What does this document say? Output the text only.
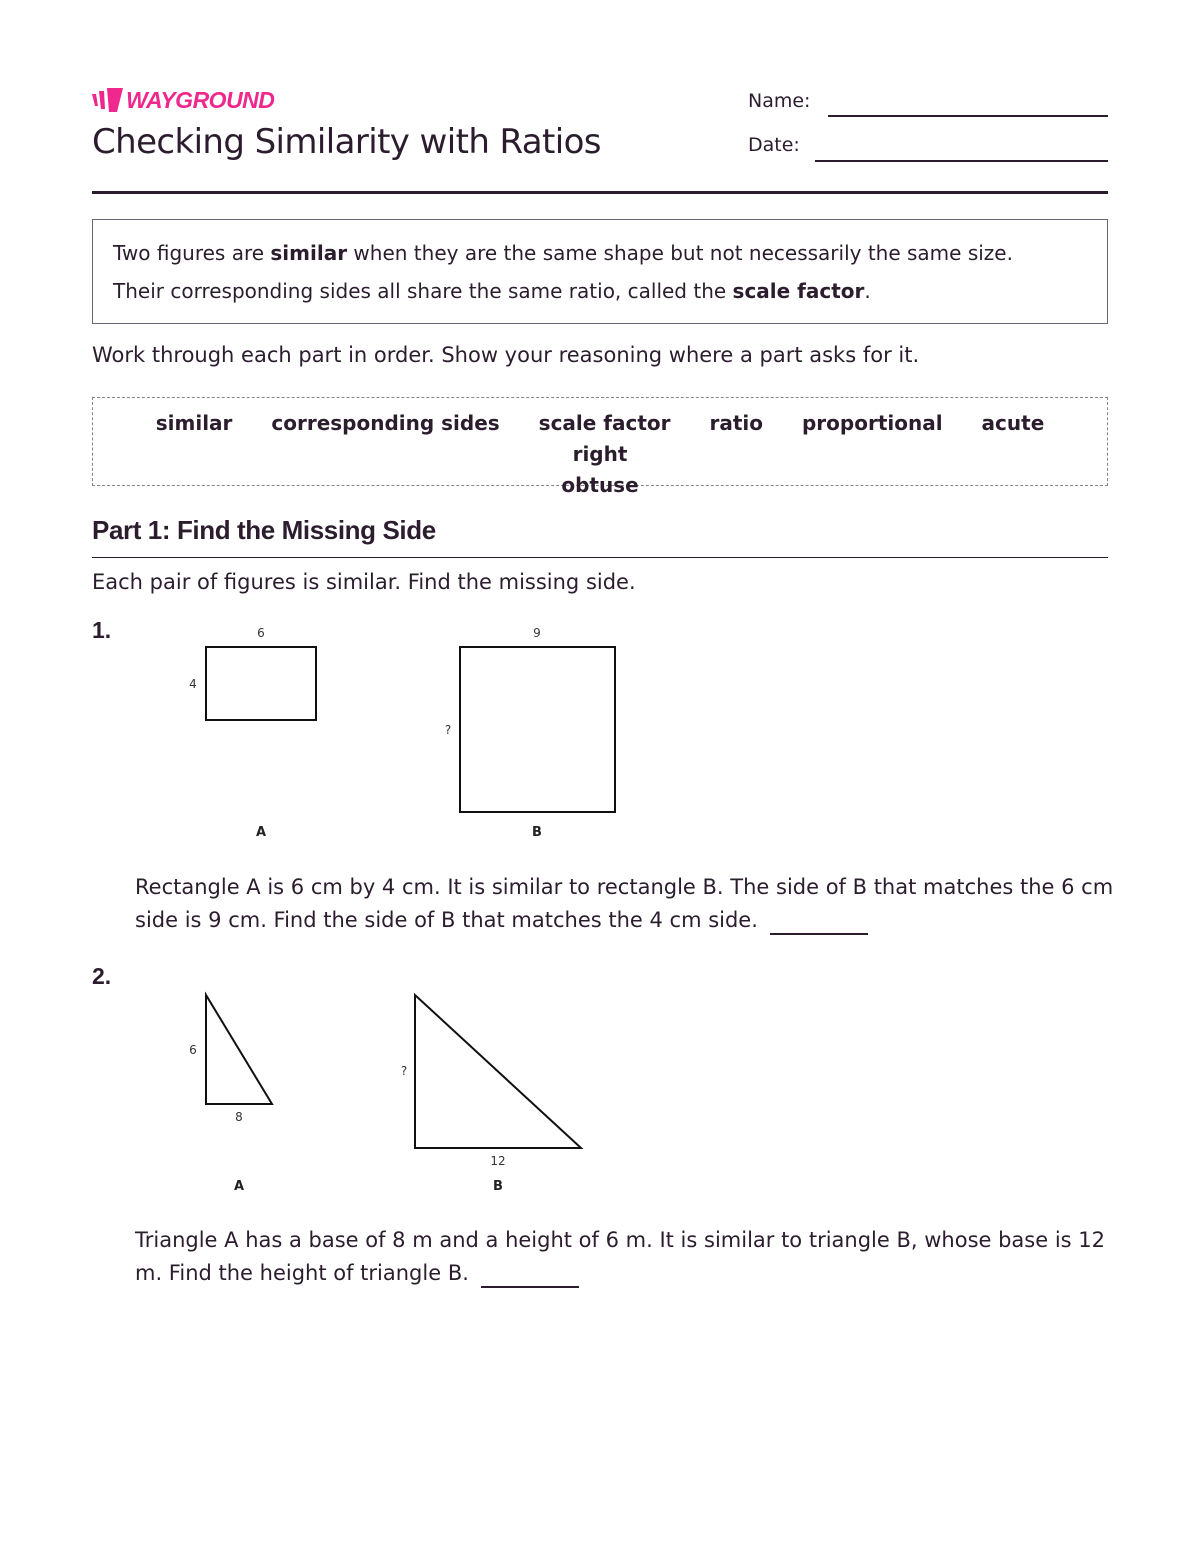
WAYGROUND
Checking Similarity with Ratios
Name:
Date:
Two figures are similar when they are the same shape but not necessarily the same size.
Their corresponding sides all share the same ratio, called the scale factor.
Work through each part in order. Show your reasoning where a part asks for it.
similar corresponding sides scale factor ratio proportional acute right
obtuse
Part 1: Find the Missing Side
Each pair of figures is similar. Find the missing side.
1.	6
4
A
9
?
B
6
8
A
?
12
B
Rectangle A is 6 cm by 4 cm. It is similar to rectangle B. The side of B that matches the 6 cm side is 9 cm. Find the side of B that matches the 4 cm side.
2.
Triangle A has a base of 8 m and a height of 6 m. It is similar to triangle B, whose base is 12 m. Find the height of triangle B.
